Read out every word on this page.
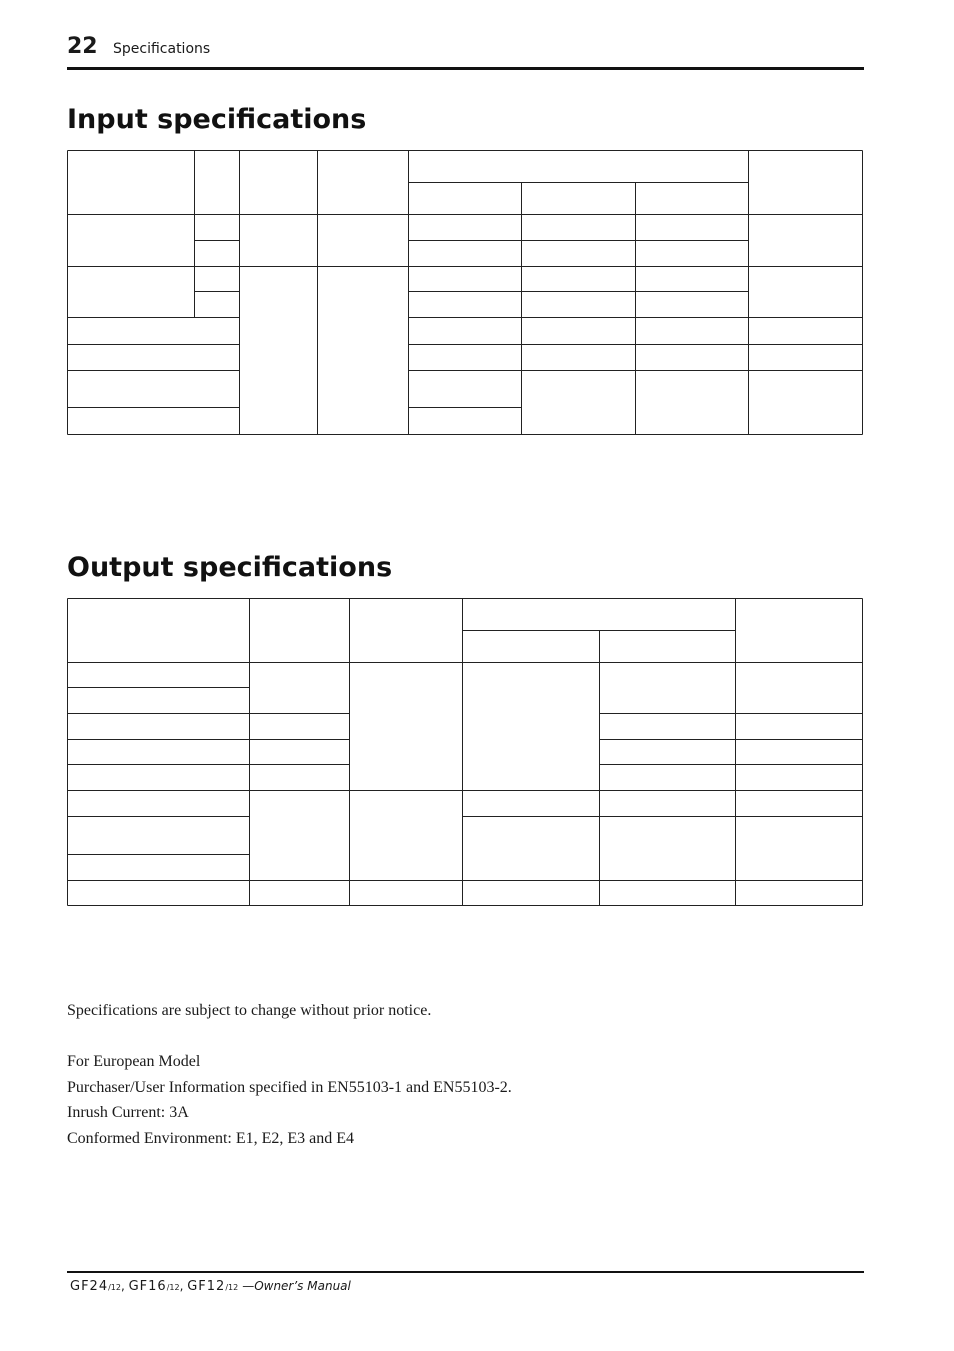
22 Specifications
Input specifications
Output specifications

Specifications are subject to change without prior notice.

For European Model

Purchaser/User Information specified in EN55103-1 and EN55103-2.

Inrush Current: 3A

Conformed Environment: E1, E2, E3 and E4

GF24/12, GF16/12, GF12/12 —Owner’s Manual
